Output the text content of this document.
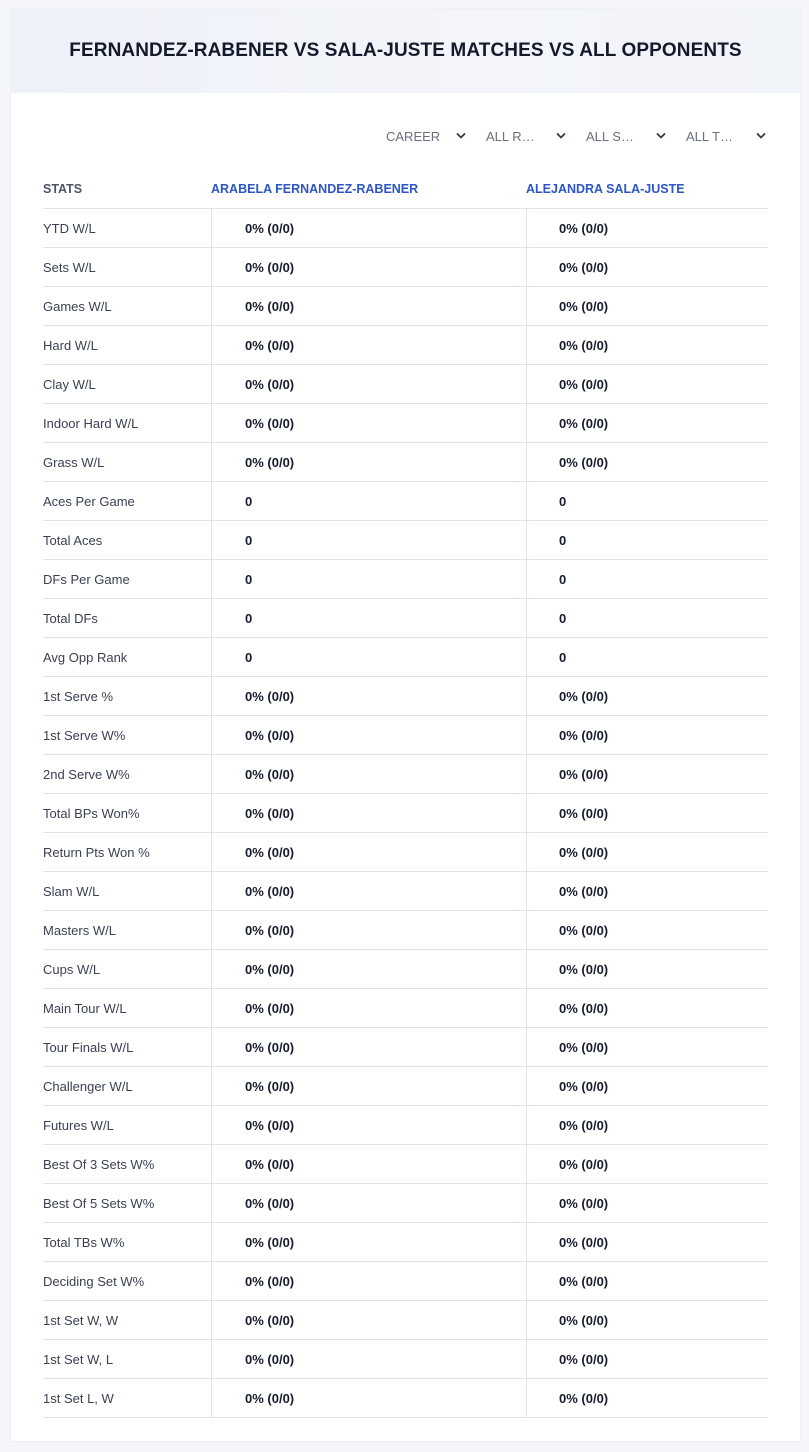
FERNANDEZ-RABENER VS SALA-JUSTE MATCHES VS ALL OPPONENTS
CAREER	ALL R…	ALL S…	ALL T…
STATS	ARABELA FERNANDEZ-RABENER	ALEJANDRA SALA-JUSTE
YTD W/L	0% (0/0)	0% (0/0)
Sets W/L	0% (0/0)	0% (0/0)
Games W/L	0% (0/0)	0% (0/0)
Hard W/L	0% (0/0)	0% (0/0)
Clay W/L	0% (0/0)	0% (0/0)
Indoor Hard W/L	0% (0/0)	0% (0/0)
Grass W/L	0% (0/0)	0% (0/0)
Aces Per Game	0	0
Total Aces	0	0
DFs Per Game	0	0
Total DFs	0	0
Avg Opp Rank	0	0
1st Serve %	0% (0/0)	0% (0/0)
1st Serve W%	0% (0/0)	0% (0/0)
2nd Serve W%	0% (0/0)	0% (0/0)
Total BPs Won%	0% (0/0)	0% (0/0)
Return Pts Won %	0% (0/0)	0% (0/0)
Slam W/L	0% (0/0)	0% (0/0)
Masters W/L	0% (0/0)	0% (0/0)
Cups W/L	0% (0/0)	0% (0/0)
Main Tour W/L	0% (0/0)	0% (0/0)
Tour Finals W/L	0% (0/0)	0% (0/0)
Challenger W/L	0% (0/0)	0% (0/0)
Futures W/L	0% (0/0)	0% (0/0)
Best Of 3 Sets W%	0% (0/0)	0% (0/0)
Best Of 5 Sets W%	0% (0/0)	0% (0/0)
Total TBs W%	0% (0/0)	0% (0/0)
Deciding Set W%	0% (0/0)	0% (0/0)
1st Set W, W	0% (0/0)	0% (0/0)
1st Set W, L	0% (0/0)	0% (0/0)
1st Set L, W	0% (0/0)	0% (0/0)
